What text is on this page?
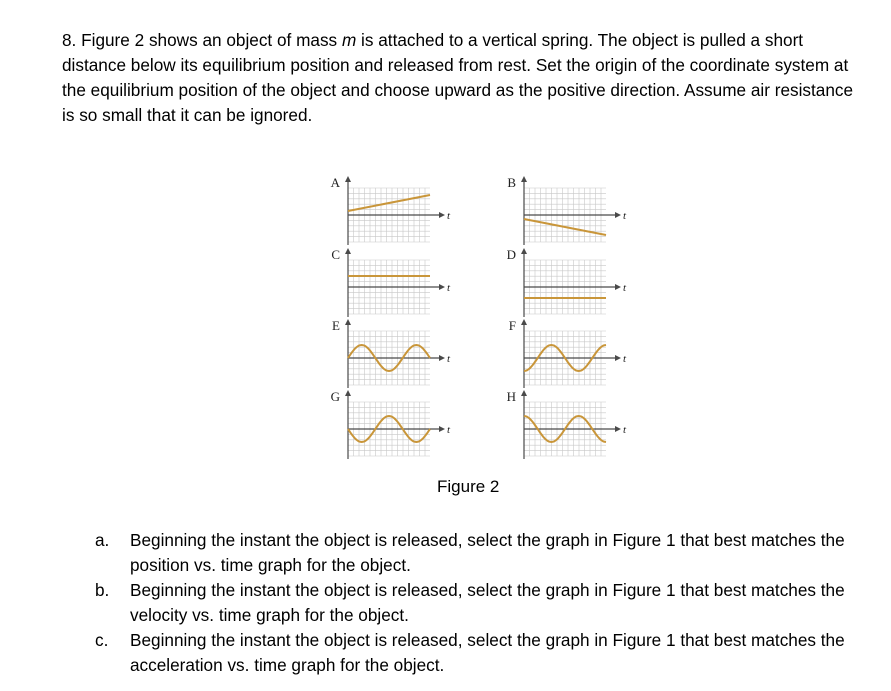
8. Figure 2 shows an object of mass m is attached to a vertical spring. The object is pulled a short distance below its equilibrium position and released from rest. Set the origin of the coordinate system at the equilibrium position of the object and choose upward as the positive direction. Assume air resistance is so small that it can be ignored.

t
A
t
B
t
C
t
D
t
E
t
F
t
G
t
H

Figure 2

a. Beginning the instant the object is released, select the graph in Figure 1 that best matches the position vs. time graph for the object.
b. Beginning the instant the object is released, select the graph in Figure 1 that best matches the velocity vs. time graph for the object.
c. Beginning the instant the object is released, select the graph in Figure 1 that best matches the acceleration vs. time graph for the object.
